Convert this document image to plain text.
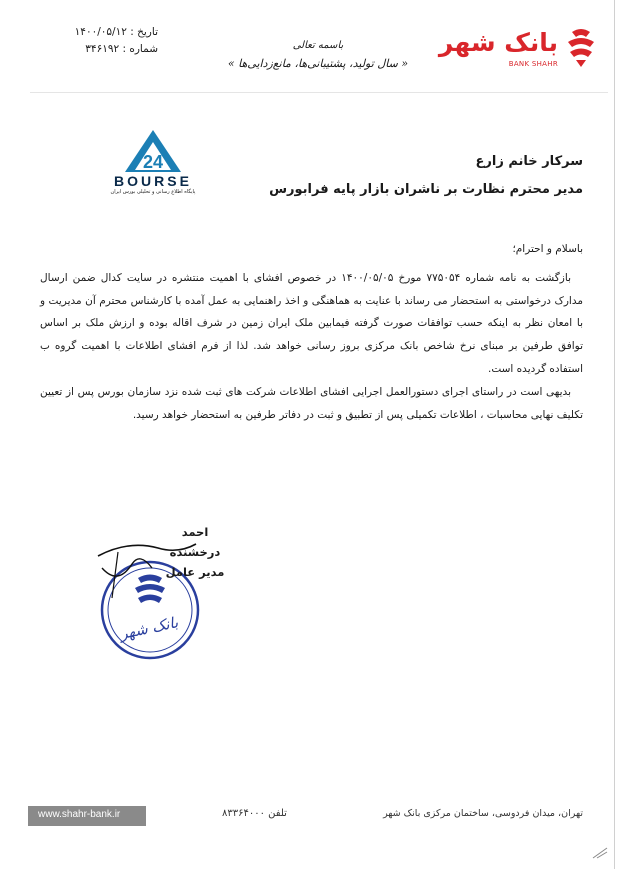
تاریخ : ۱۴۰۰/۰۵/۱۲
شماره : ۳۴۶۱۹۲	باسمه تعالی
« سال تولید، پشتیبانی‌ها، مانع‌زدایی‌ها »
بانک شهر
BANK SHAHR
24
BOURSE
پایگاه اطلاع رسانی و تحلیلی بورس ایران
سرکار خانم زارع
مدیر محترم نظارت بر ناشران بازار پایه فرابورس

باسلام و احترام؛

بازگشت به نامه شماره ۷۷۵۰۵۴ مورخ ۱۴۰۰/۰۵/۰۵ در خصوص افشای با اهمیت منتشره در سایت کدال ضمن ارسال مدارک درخواستی به استحضار می رساند با عنایت به هماهنگی و اخذ راهنمایی به عمل آمده با کارشناس محترم آن مدیریت و با امعان نظر به اینکه حسب توافقات صورت گرفته فیمابین ملک ایران زمین در شرف اقاله بوده و ارزش ملک بر اساس توافق طرفین بر مبنای نرخ شاخص بانک مرکزی بروز رسانی خواهد شد. لذا از فرم افشای اطلاعات با اهمیت گروه ب استفاده گردیده است.

بدیهی است در راستای اجرای دستورالعمل اجرایی افشای اطلاعات شرکت های ثبت شده نزد سازمان بورس پس از تعیین تکلیف نهایی محاسبات ، اطلاعات تکمیلی پس از تطبیق و ثبت در دفاتر طرفین به استحضار خواهد رسید.

بانک شهر
احمد درخشنده
مدیر عامل
www.shahr-bank.ir	تلفن ۸۳۳۶۴۰۰۰	تهران، میدان فردوسی، ساختمان مرکزی بانک شهر
